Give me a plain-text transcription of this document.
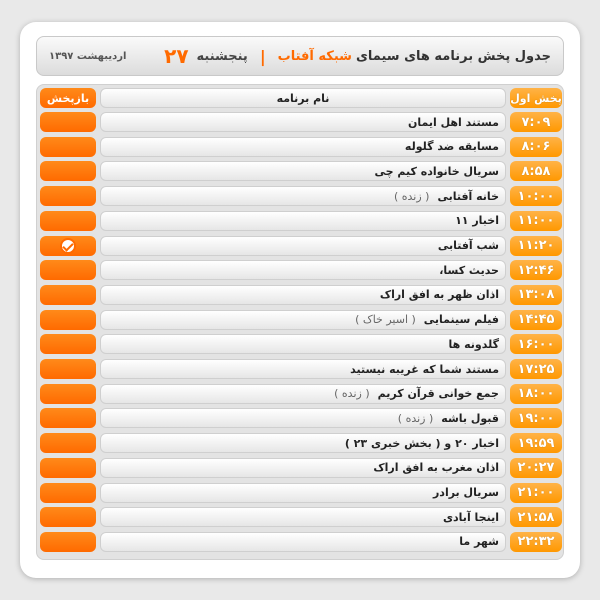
جدول پخش برنامه های سیمای
شبکه آفتاب
|
پنجشنبه
۲۷
اردیبهشت ۱۳۹۷
پخش اول
نام برنامه
بازپخش
۷:۰۹
مستند اهل ایمان
۸:۰۶
مسابقه ضد گلوله
۸:۵۸
سریال خانواده کیم چی
۱۰:۰۰
خانه آفتابی
( زنده )
۱۱:۰۰
اخبار ۱۱
۱۱:۲۰
شب آفتابی
۱۲:۴۶
حدیث کسا،
۱۳:۰۸
اذان ظهر به افق اراک
۱۴:۴۵
فیلم سینمایی
( اسیر خاک )
۱۶:۰۰
گلدونه ها
۱۷:۲۵
مستند شما که غریبه نیستید
۱۸:۰۰
جمع خوانی قرآن کریم
( زنده )
۱۹:۰۰
قبول باشه
( زنده )
۱۹:۵۹
اخبار ۲۰ و ( بخش خبری ۲۳ )
۲۰:۲۷
اذان مغرب به افق اراک
۲۱:۰۰
سریال برادر
۲۱:۵۸
اینجا آبادی
۲۲:۳۲
شهر ما
